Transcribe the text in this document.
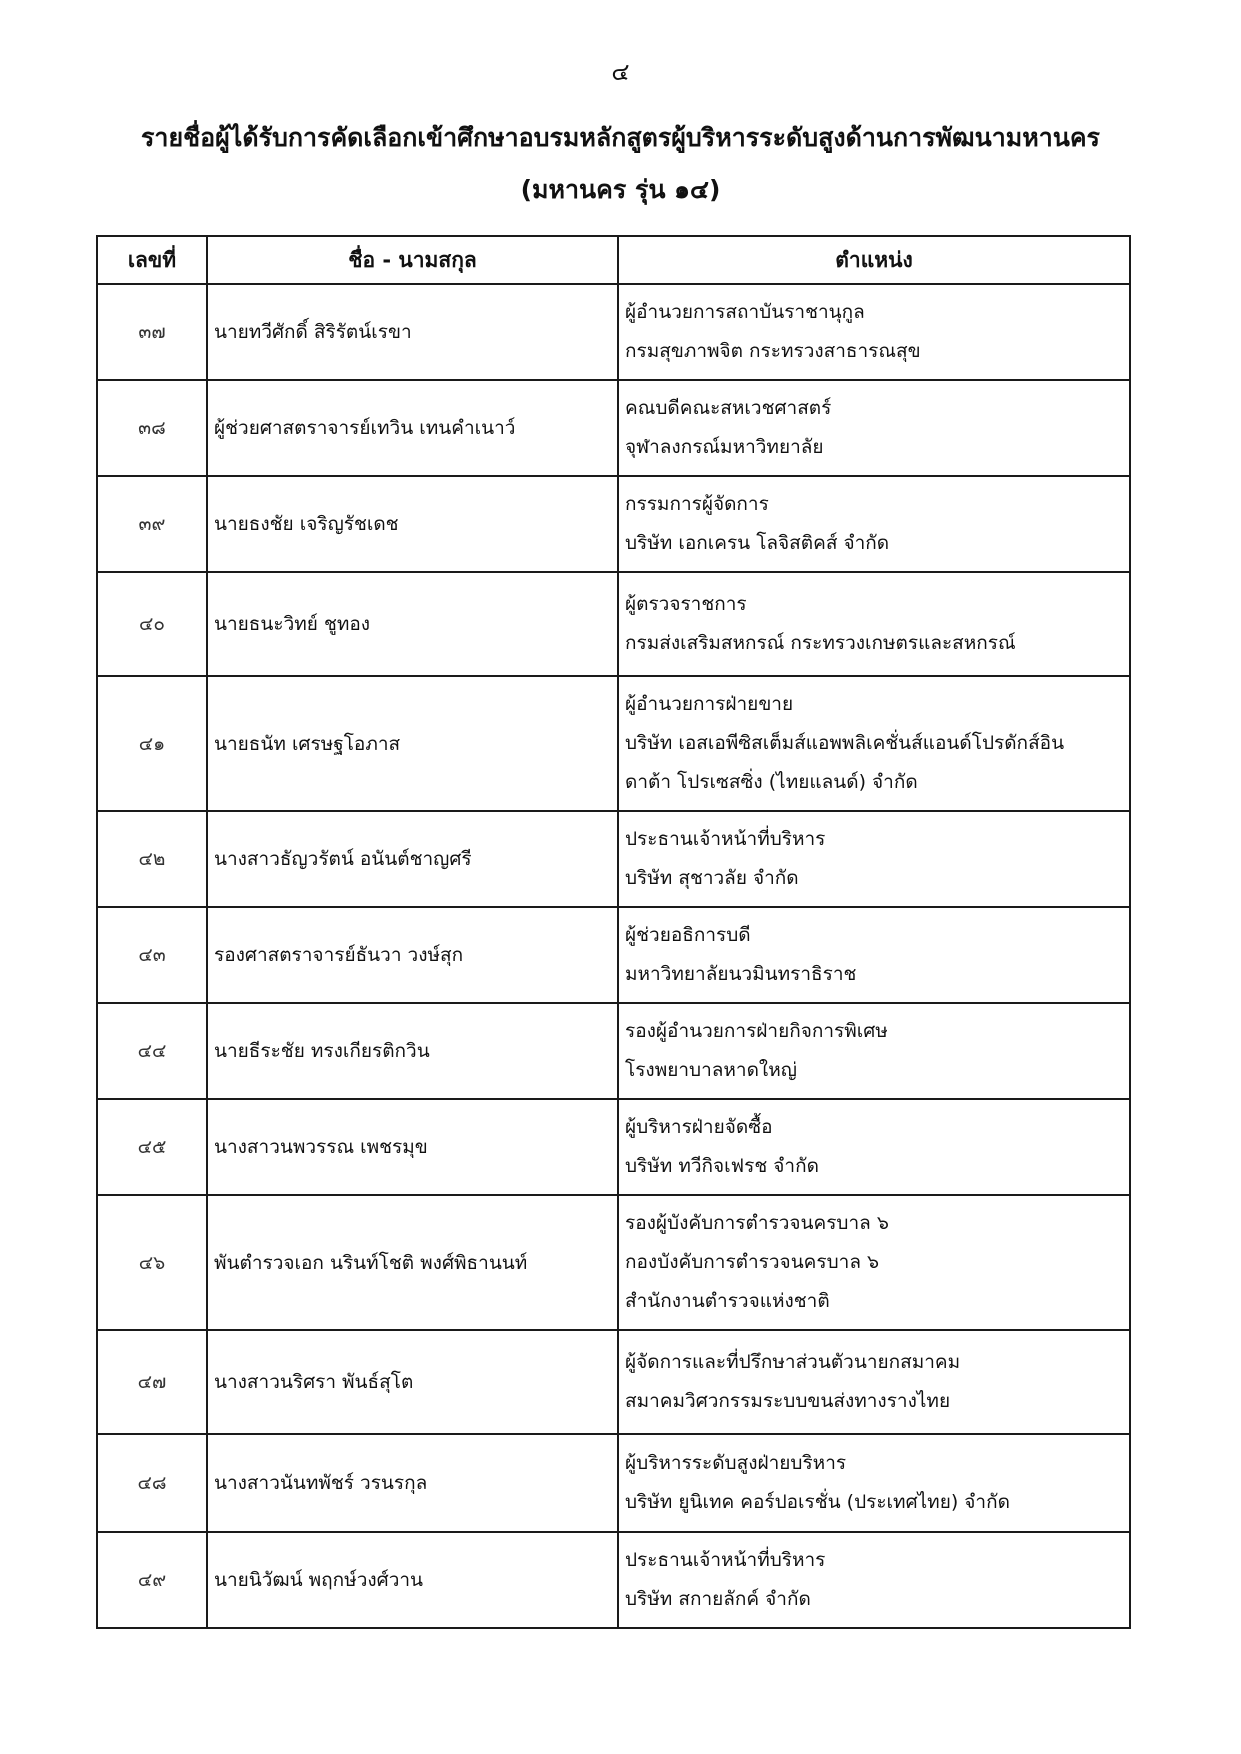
๔
รายชื่อผู้ได้รับการคัดเลือกเข้าศึกษาอบรมหลักสูตรผู้บริหารระดับสูงด้านการพัฒนามหานคร
(มหานคร รุ่น ๑๔)
เลขที่	ชื่อ - นามสกุล	ตำแหน่ง
๓๗	นายทวีศักดิ์ สิริรัตน์เรขา	ผู้อำนวยการสถาบันราชานุกูล
กรมสุขภาพจิต กระทรวงสาธารณสุข

๓๘	ผู้ช่วยศาสตราจารย์เทวิน เทนคำเนาว์	คณบดีคณะสหเวชศาสตร์
จุฬาลงกรณ์มหาวิทยาลัย

๓๙	นายธงชัย เจริญรัชเดช	กรรมการผู้จัดการ
บริษัท เอกเครน โลจิสติคส์ จำกัด

๔๐	นายธนะวิทย์ ชูทอง	ผู้ตรวจราชการ
กรมส่งเสริมสหกรณ์ กระทรวงเกษตรและสหกรณ์

๔๑	นายธนัท เศรษฐโอภาส	ผู้อำนวยการฝ่ายขาย
บริษัท เอสเอพีซิสเต็มส์แอพพลิเคชั่นส์แอนด์โปรดักส์อิน
ดาต้า โปรเซสซิ่ง (ไทยแลนด์) จำกัด

๔๒	นางสาวธัญวรัตน์ อนันต์ชาญศรี	ประธานเจ้าหน้าที่บริหาร
บริษัท สุชาวลัย จำกัด

๔๓	รองศาสตราจารย์ธันวา วงษ์สุก	ผู้ช่วยอธิการบดี
มหาวิทยาลัยนวมินทราธิราช

๔๔	นายธีระชัย ทรงเกียรติกวิน	รองผู้อำนวยการฝ่ายกิจการพิเศษ
โรงพยาบาลหาดใหญ่

๔๕	นางสาวนพวรรณ เพชรมุข	ผู้บริหารฝ่ายจัดซื้อ
บริษัท ทวีกิจเฟรช จำกัด

๔๖	พันตำรวจเอก นรินท์โชติ พงศ์พิธานนท์	รองผู้บังคับการตำรวจนครบาล ๖
กองบังคับการตำรวจนครบาล ๖
สำนักงานตำรวจแห่งชาติ

๔๗	นางสาวนริศรา พันธ์สุโต	ผู้จัดการและที่ปรึกษาส่วนตัวนายกสมาคม
สมาคมวิศวกรรมระบบขนส่งทางรางไทย

๔๘	นางสาวนันทพัชร์ วรนรกุล	ผู้บริหารระดับสูงฝ่ายบริหาร
บริษัท ยูนิเทค คอร์ปอเรชั่น (ประเทศไทย) จำกัด

๔๙	นายนิวัฒน์ พฤกษ์วงศ์วาน	ประธานเจ้าหน้าที่บริหาร
บริษัท สกายลักค์ จำกัด
